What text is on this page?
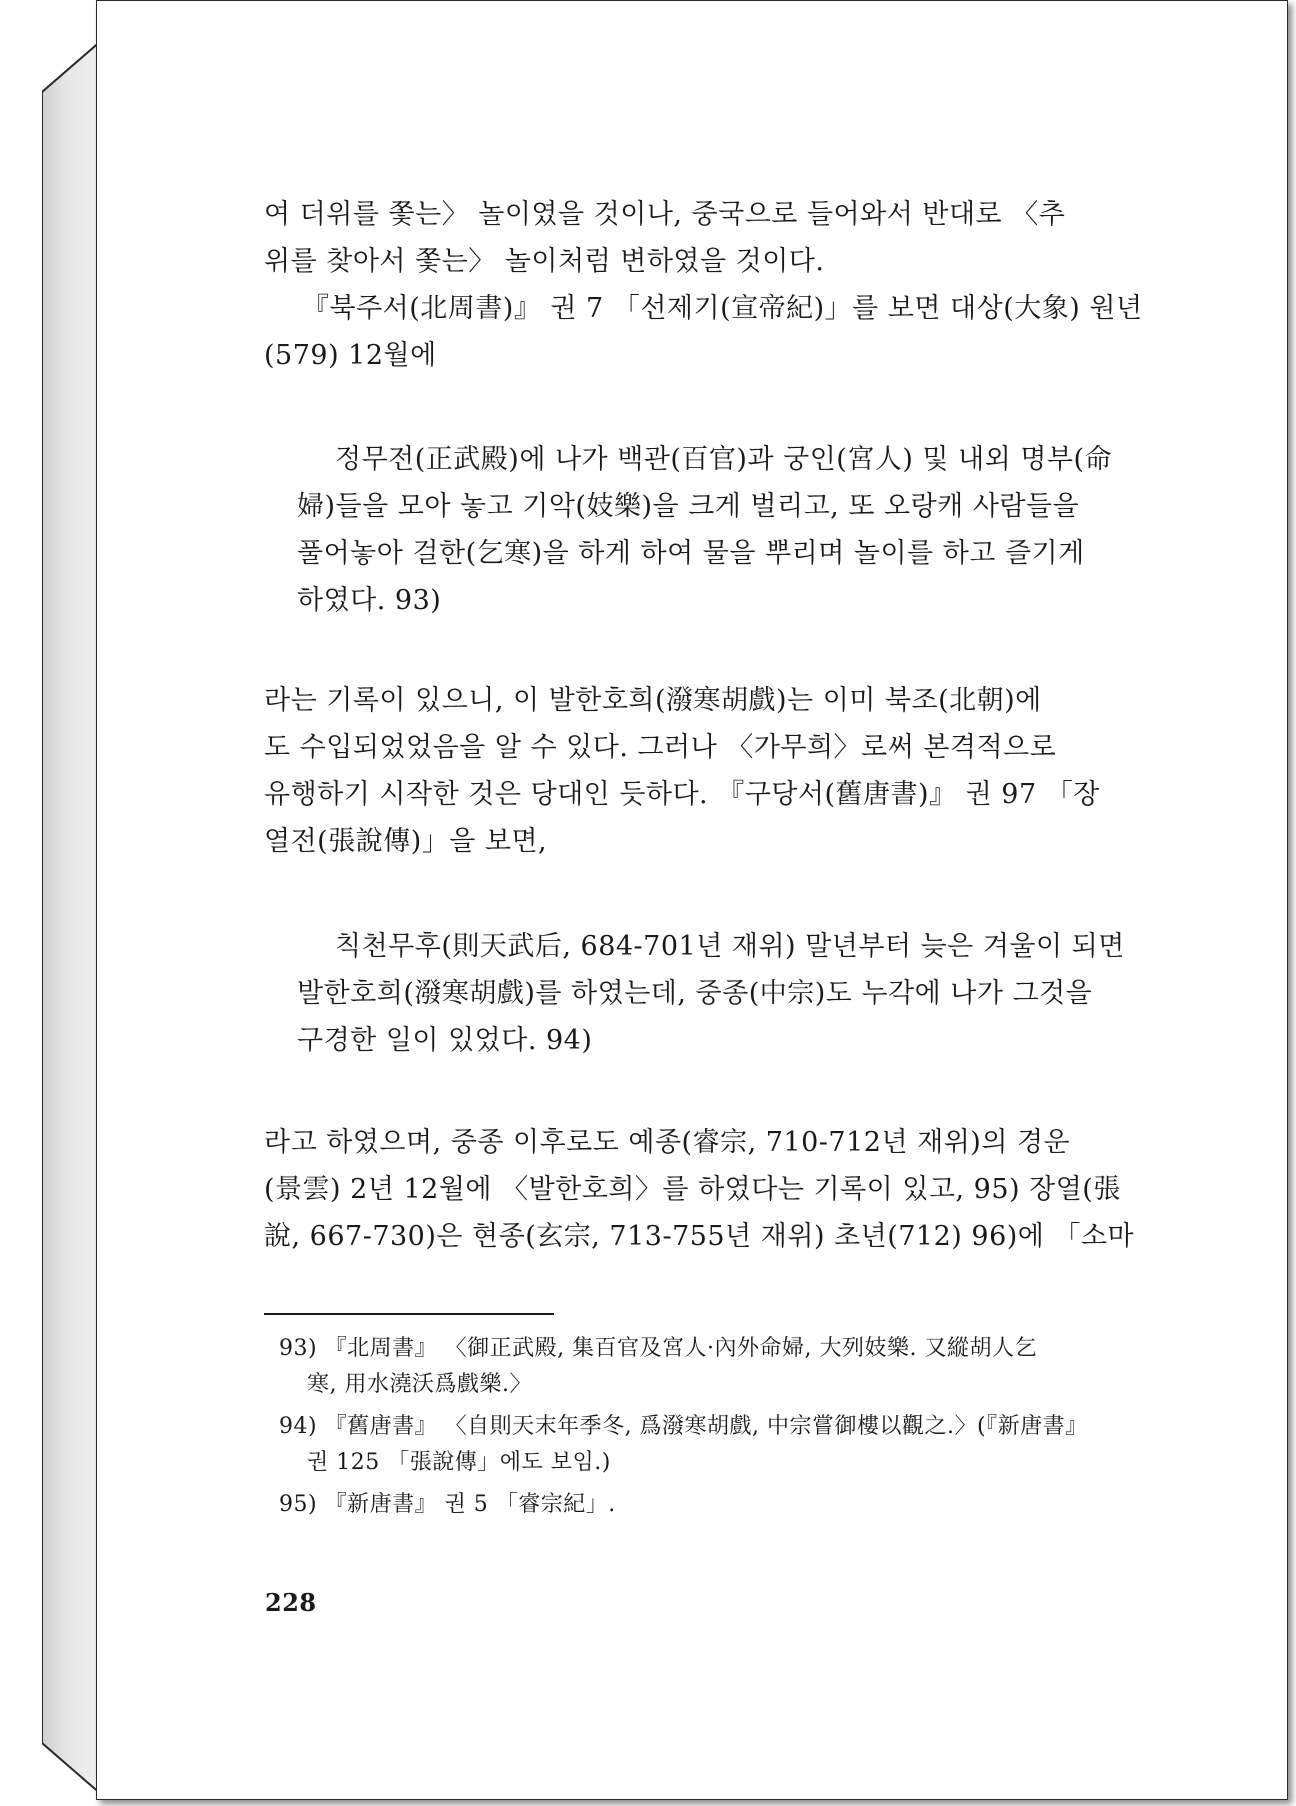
여 더위를 쫓는〉 놀이였을 것이나, 중국으로 들어와서 반대로 〈추
위를 찾아서 쫓는〉 놀이처럼 변하였을 것이다.

『북주서(北周書)』 권 7 「선제기(宣帝紀)」를 보면 대상(大象) 원년
(579) 12월에

정무전(正武殿)에 나가 백관(百官)과 궁인(宮人) 및 내외 명부(命
婦)들을 모아 놓고 기악(妓樂)을 크게 벌리고, 또 오랑캐 사람들을
풀어놓아 걸한(乞寒)을 하게 하여 물을 뿌리며 놀이를 하고 즐기게
하였다. 93)

라는 기록이 있으니, 이 발한호희(潑寒胡戲)는 이미 북조(北朝)에
도 수입되었었음을 알 수 있다. 그러나 〈가무희〉로써 본격적으로
유행하기 시작한 것은 당대인 듯하다. 『구당서(舊唐書)』 권 97 「장
열전(張說傳)」을 보면,

칙천무후(則天武后, 684-701년 재위) 말년부터 늦은 겨울이 되면
발한호희(潑寒胡戲)를 하였는데, 중종(中宗)도 누각에 나가 그것을
구경한 일이 있었다. 94)

라고 하였으며, 중종 이후로도 예종(睿宗, 710-712년 재위)의 경운
(景雲) 2년 12월에 〈발한호희〉를 하였다는 기록이 있고, 95) 장열(張
說, 667-730)은 현종(玄宗, 713-755년 재위) 초년(712) 96)에 「소마

93) 『北周書』 〈御正武殿, 集百官及宮人·內外命婦, 大列妓樂. 又縱胡人乞
寒, 用水澆沃爲戲樂.〉

94) 『舊唐書』 〈自則天末年季冬, 爲潑寒胡戲, 中宗嘗御樓以觀之.〉(『新唐書』
권 125 「張說傳」에도 보임.)

95) 『新唐書』 권 5 「睿宗紀」.

228
